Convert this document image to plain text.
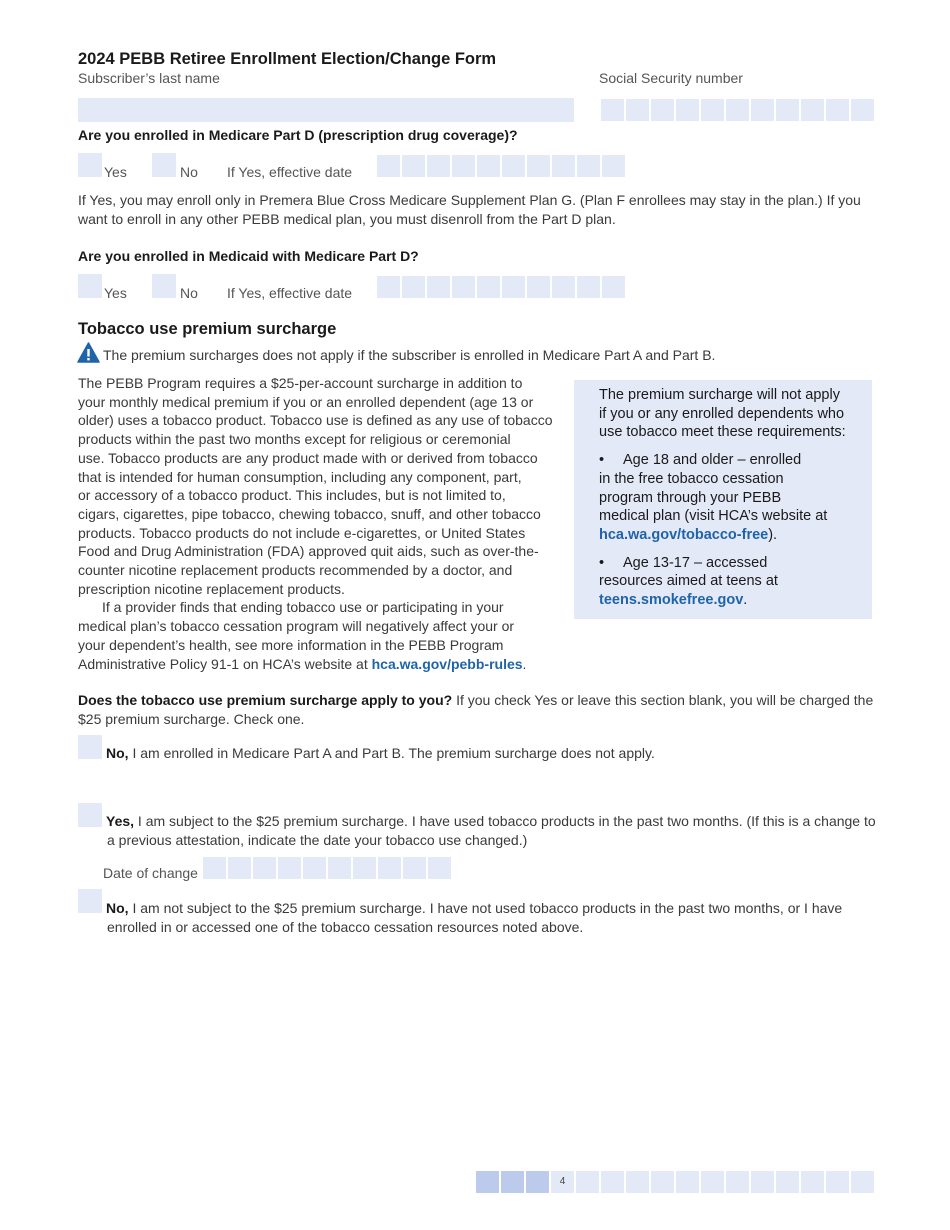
2024 PEBB Retiree Enrollment Election/Change Form
Subscriber’s last name	Social Security number
Are you enrolled in Medicare Part D (prescription drug coverage)?
Yes	No If Yes, effective date
If Yes, you may enroll only in Premera Blue Cross Medicare Supplement Plan G. (Plan F enrollees may stay in the plan.) If you
want to enroll in any other PEBB medical plan, you must disenroll from the Part D plan.
Are you enrolled in Medicaid with Medicare Part D?
Yes	No If Yes, effective date
Tobacco use premium surcharge
The premium surcharges does not apply if the subscriber is enrolled in Medicare Part A and Part B.
The PEBB Program requires a $25-per-account surcharge in addition to
your monthly medical premium if you or an enrolled dependent (age 13 or
older) uses a tobacco product. Tobacco use is defined as any use of tobacco
products within the past two months except for religious or ceremonial
use. Tobacco products are any product made with or derived from tobacco
that is intended for human consumption, including any component, part,
or accessory of a tobacco product. This includes, but is not limited to,
cigars, cigarettes, pipe tobacco, chewing tobacco, snuff, and other tobacco
products. Tobacco products do not include e-cigarettes, or United States
Food and Drug Administration (FDA) approved quit aids, such as over-the-
counter nicotine replacement products recommended by a doctor, and
prescription nicotine replacement products.
If a provider finds that ending tobacco use or participating in your
medical plan’s tobacco cessation program will negatively affect your or
your dependent’s health, see more information in the PEBB Program
Administrative Policy 91-1 on HCA’s website at hca.wa.gov/pebb-rules.
The premium surcharge will not apply
if you or any enrolled dependents who
use tobacco meet these requirements:
• Age 18 and older – enrolled
in the free tobacco cessation
program through your PEBB
medical plan (visit HCA’s website at
hca.wa.gov/tobacco-free).
• Age 13-17 – accessed
resources aimed at teens at
teens.smokefree.gov.
Does the tobacco use premium surcharge apply to you? If you check Yes or leave this section blank, you will be charged the
$25 premium surcharge. Check one.
No, I am enrolled in Medicare Part A and Part B. The premium surcharge does not apply.
Yes, I am subject to the $25 premium surcharge. I have used tobacco products in the past two months. (If this is a change to
a previous attestation, indicate the date your tobacco use changed.)
Date of change
No, I am not subject to the $25 premium surcharge. I have not used tobacco products in the past two months, or I have
enrolled in or accessed one of the tobacco cessation resources noted above.
4
